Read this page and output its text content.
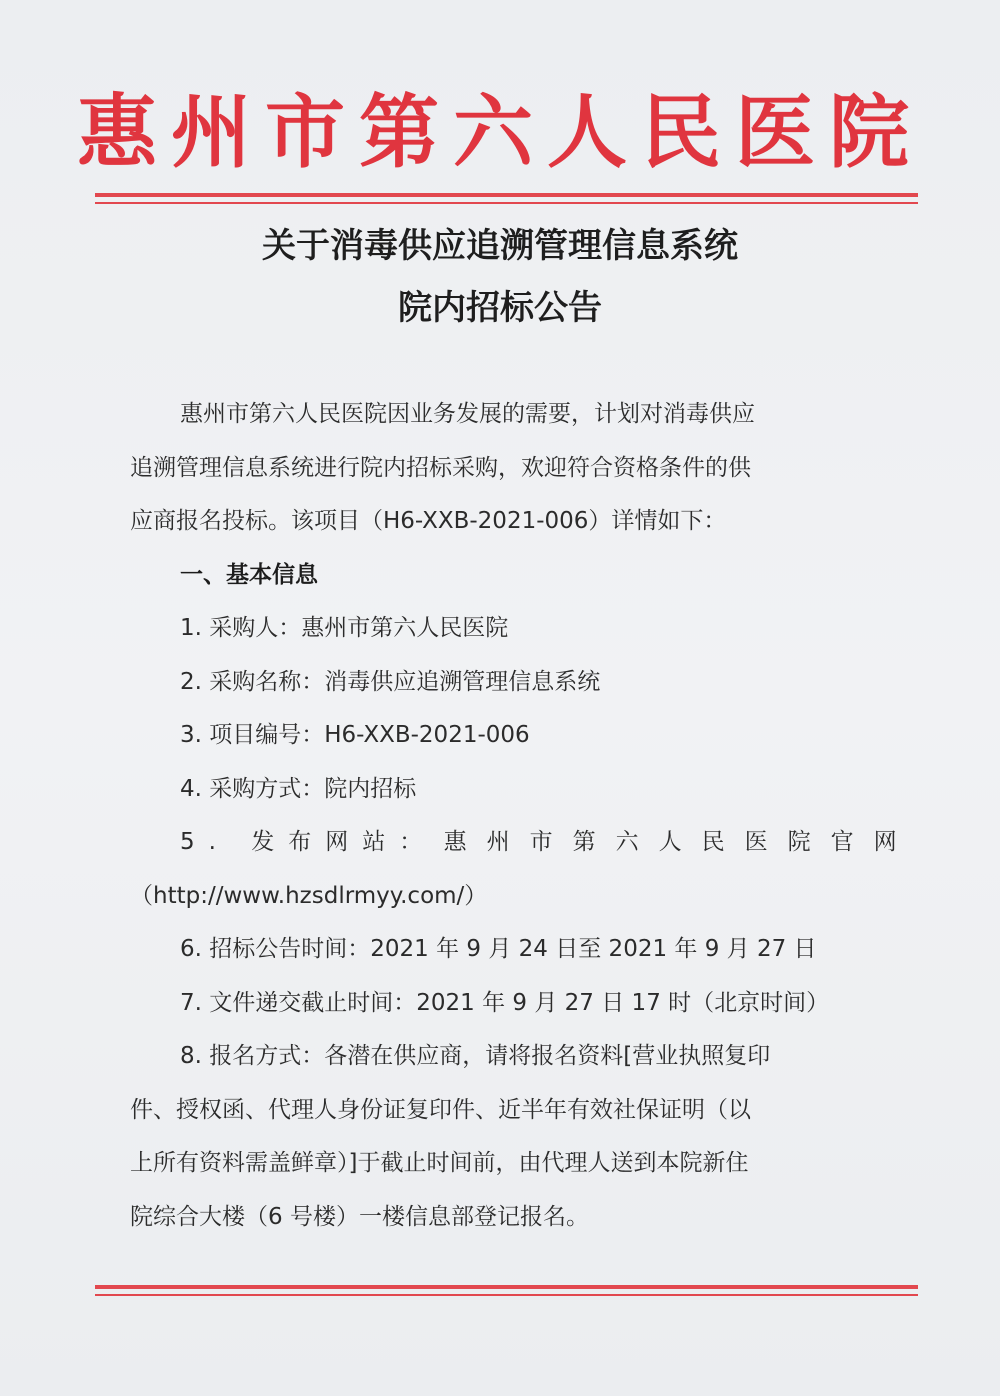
惠州市第六人民医院
关于消毒供应追溯管理信息系统
院内招标公告
惠州市第六人民医院因业务发展的需要，计划对消毒供应
追溯管理信息系统进行院内招标采购，欢迎符合资格条件的供
应商报名投标。该项目（H6-XXB-2021-006）详情如下：
一、基本信息
1. 采购人：惠州市第六人民医院
2. 采购名称：消毒供应追溯管理信息系统
3. 项目编号：H6-XXB-2021-006
4. 采购方式：院内招标
5. 发布网站： 惠州市第六人民医院官网
（http://www.hzsdlrmyy.com/）
6. 招标公告时间：2021 年 9 月 24 日至 2021 年 9 月 27 日
7. 文件递交截止时间：2021 年 9 月 27 日 17 时（北京时间）
8. 报名方式：各潜在供应商，请将报名资料[营业执照复印
件、授权函、代理人身份证复印件、近半年有效社保证明（以
上所有资料需盖鲜章）]于截止时间前，由代理人送到本院新住
院综合大楼（6 号楼）一楼信息部登记报名。
